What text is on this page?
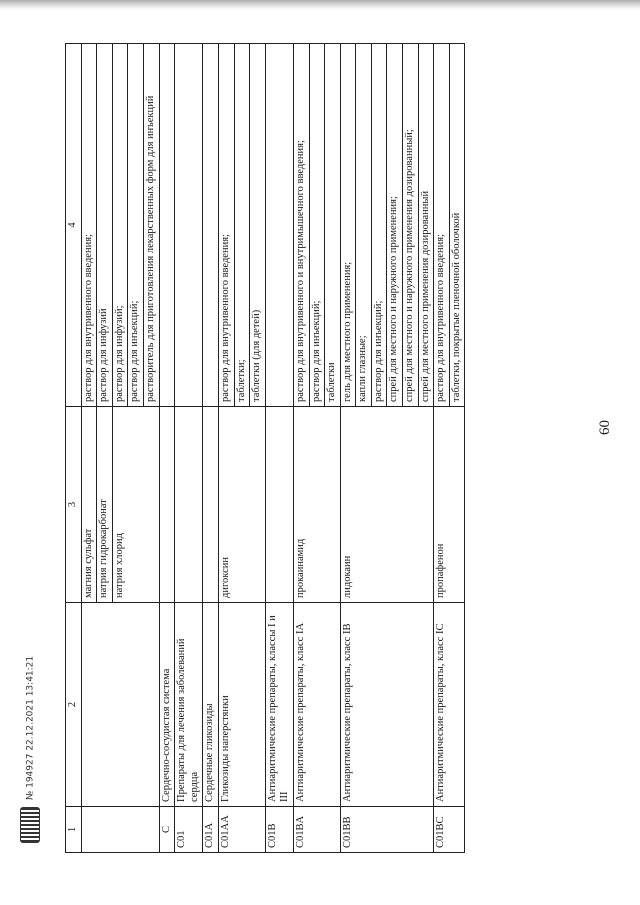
60
№ 194927 22.12.2021 13:41:21
1	2	3	4
		магния сульфат	раствор для внутривенного введения;
		натрия гидрокарбонат	раствор для инфузий
		натрия хлорид	раствор для инфузий;
			раствор для инъекций;
			растворитель для приготовления лекарственных форм для инъекций
C	Сердечно-сосудистая система		
C01	Препараты для лечения заболеваний сердца		
C01A	Сердечные гликозиды		
C01AA	Гликозиды наперстянки	дигоксин	раствор для внутривенного введения;
			таблетки;
			таблетки (для детей)
C01B	Антиаритмические препараты, классы I и III		
C01BA	Антиаритмические препараты, класс IA	прокаинамид	раствор для внутривенного и внутримышечного введения;
			раствор для инъекций;
			таблетки
C01BB	Антиаритмические препараты, класс IB	лидокаин	гель для местного применения;
			капли глазные;
			раствор для инъекций;
			спрей для местного и наружного применения;
			спрей для местного и наружного применения дозированный;
			спрей для местного применения дозированный
C01BC	Антиаритмические препараты, класс IC	пропафенон	раствор для внутривенного введения;
			таблетки, покрытые пленочной оболочкой
